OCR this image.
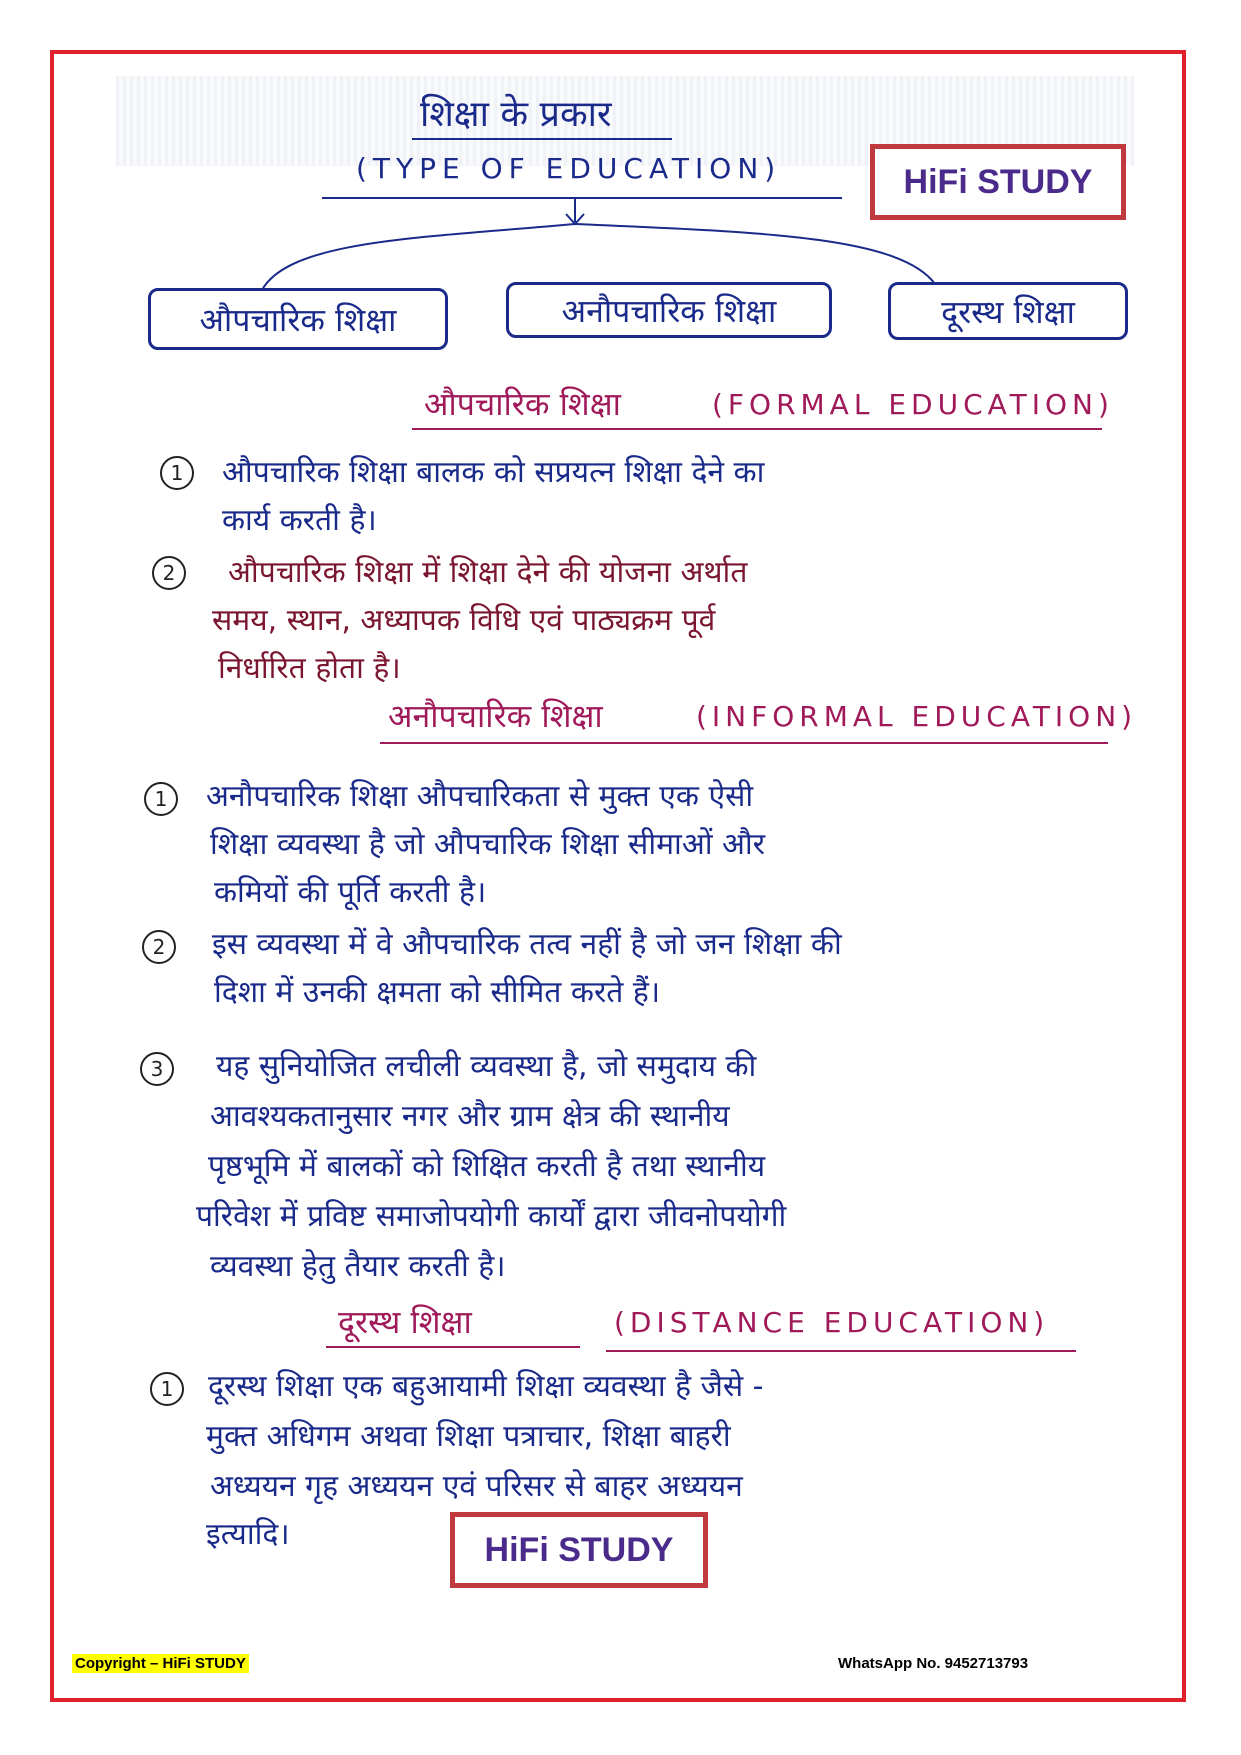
शिक्षा के प्रकार
(TYPE OF EDUCATION)
औपचारिक शिक्षा	अनौपचारिक शिक्षा	दूरस्थ शिक्षा
HiFi STUDY
औपचारिक शिक्षा	(FORMAL EDUCATION)
1	औपचारिक शिक्षा बालक को सप्रयत्न शिक्षा देने का
कार्य करती है।
2	औपचारिक शिक्षा में शिक्षा देने की योजना अर्थात
समय, स्थान, अध्यापक विधि एवं पाठ्यक्रम पूर्व
निर्धारित होता है।
अनौपचारिक शिक्षा	(INFORMAL EDUCATION)
1	अनौपचारिक शिक्षा औपचारिकता से मुक्त एक ऐसी
शिक्षा व्यवस्था है जो औपचारिक शिक्षा सीमाओं और
कमियों की पूर्ति करती है।
2	इस व्यवस्था में वे औपचारिक तत्व नहीं है जो जन शिक्षा की
दिशा में उनकी क्षमता को सीमित करते हैं।
3	यह सुनियोजित लचीली व्यवस्था है, जो समुदाय की
आवश्यकतानुसार नगर और ग्राम क्षेत्र की स्थानीय
पृष्ठभूमि में बालकों को शिक्षित करती है तथा स्थानीय
परिवेश में प्रविष्ट समाजोपयोगी कार्यों द्वारा जीवनोपयोगी
व्यवस्था हेतु तैयार करती है।
दूरस्थ शिक्षा	(DISTANCE EDUCATION)
1	दूरस्थ शिक्षा एक बहुआयामी शिक्षा व्यवस्था है जैसे -
मुक्त अधिगम अथवा शिक्षा पत्राचार, शिक्षा बाहरी
अध्ययन गृह अध्ययन एवं परिसर से बाहर अध्ययन
इत्यादि।	HiFi STUDY
Copyright – HiFi STUDY	WhatsApp No. 9452713793
